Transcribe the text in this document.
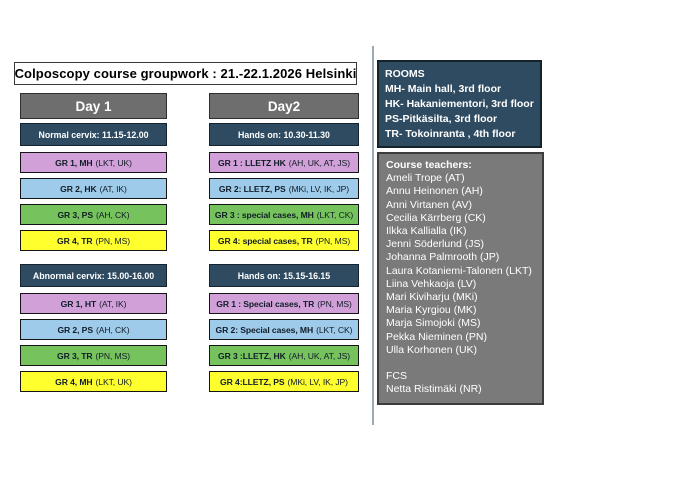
Colposcopy course groupwork : 21.-22.1.2026 Helsinki
Day 1
Normal cervix: 11.15-12.00
GR 1, MH (LKT, UK)
GR 2, HK (AT, IK)
GR 3, PS (AH, CK)
GR 4, TR (PN, MS)
Abnormal cervix: 15.00-16.00
GR 1, HT (AT, IK)
GR 2, PS (AH, CK)
GR 3, TR (PN, MS)
GR 4, MH (LKT, UK)
Day2
Hands on: 10.30-11.30
GR 1 : LLETZ HK (AH, UK, AT, JS)
GR 2: LLETZ, PS (MKi, LV, IK, JP)
GR 3 : special cases, MH (LKT, CK)
GR 4: special cases, TR (PN, MS)
Hands on: 15.15-16.15
GR 1 : Special cases, TR (PN, MS)
GR 2: Special cases, MH (LKT, CK)
GR 3 :LLETZ, HK (AH, UK, AT, JS)
GR 4:LLETZ, PS (MKi, LV, IK, JP)
ROOMS
MH- Main hall, 3rd floor
HK- Hakaniementori, 3rd floor
PS-Pitkäsilta, 3rd floor
TR- Tokoinranta , 4th floor
Course teachers:
Ameli Trope (AT)
Annu Heinonen (AH)
Anni Virtanen (AV)
Cecilia Kärrberg (CK)
Ilkka Kallialla (IK)
Jenni Söderlund (JS)
Johanna Palmrooth (JP)
Laura Kotaniemi-Talonen (LKT)
Liina Vehkaoja (LV)
Mari Kiviharju (MKi)
Maria Kyrgiou (MK)
Marja Simojoki (MS)
Pekka Nieminen (PN)
Ulla Korhonen (UK)
FCS
Netta Ristimäki (NR)
